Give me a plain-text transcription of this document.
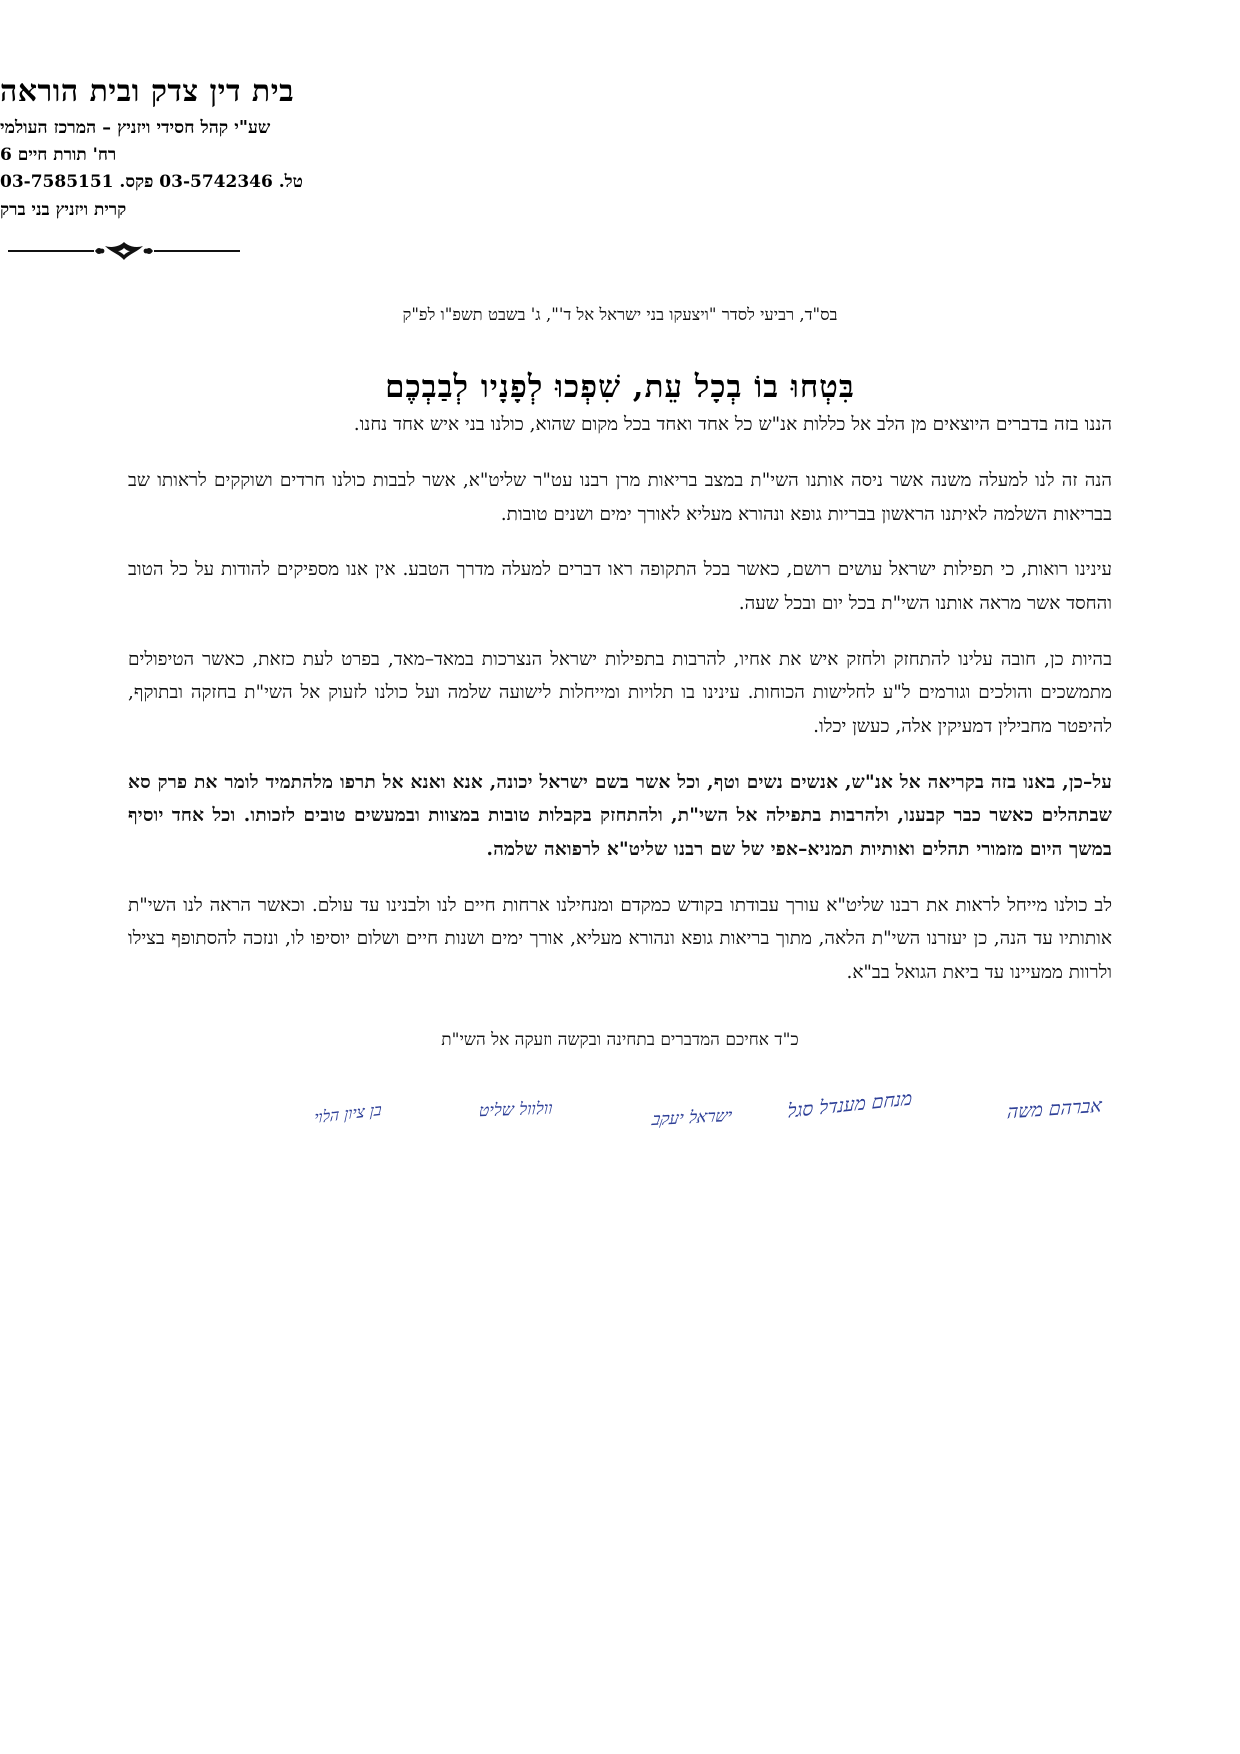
בית דין צדק ובית הוראה
שע"י קהל חסידי ויזניץ – המרכז העולמי
רח' תורת חיים 6
טל. 03-5742346 פקס. 03-7585151
קרית ויזניץ בני ברק
בס"ד, רביעי לסדר "ויצעקו בני ישראל אל ד'", ג' בשבט תשפ"ו לפ"ק
בִּטְחוּ בוֹ בְכָל עֵת, שִׁפְכוּ לְפָנָיו לְבַבְכֶם

הננו בזה בדברים היוצאים מן הלב אל כללות אנ"ש כל אחד ואחד בכל מקום שהוא, כולנו בני איש אחד נחנו.

הנה זה לנו למעלה משנה אשר ניסה אותנו השי"ת במצב בריאות מרן רבנו עט"ר שליט"א, אשר לבבות כולנו חרדים ושוקקים לראותו שב בבריאות השלמה לאיתנו הראשון בבריות גופא ונהורא מעליא לאורך ימים ושנים טובות.

עינינו רואות, כי תפילות ישראל עושים רושם, כאשר בכל התקופה ראו דברים למעלה מדרך הטבע. אין אנו מספיקים להודות על כל הטוב והחסד אשר מראה אותנו השי"ת בכל יום ובכל שעה.

בהיות כן, חובה עלינו להתחזק ולחזק איש את אחיו, להרבות בתפילות ישראל הנצרכות במאד–מאד, בפרט לעת כזאת, כאשר הטיפולים מתמשכים והולכים וגורמים ל"ע לחלישות הכוחות. עינינו בו תלויות ומייחלות לישועה שלמה ועל כולנו לזעוק אל השי"ת בחזקה ובתוקף, להיפטר מחבילין דמעיקין אלה, כעשן יכלו.

על–כן, באנו בזה בקריאה אל אנ"ש, אנשים נשים וטף, וכל אשר בשם ישראל יכונה, אנא ואנא אל תרפו מלהתמיד לומר את פרק סא שבתהלים כאשר כבר קבענו, ולהרבות בתפילה אל השי"ת, ולהתחזק בקבלות טובות במצוות ובמעשים טובים לזכותו. וכל אחד יוסיף במשך היום מזמורי תהלים ואותיות תמניא–אפי של שם רבנו שליט"א לרפואה שלמה.

לב כולנו מייחל לראות את רבנו שליט"א עורך עבודתו בקודש כמקדם ומנחילנו ארחות חיים לנו ולבנינו עד עולם. וכאשר הראה לנו השי"ת אותותיו עד הנה, כן יעזרנו השי"ת הלאה, מתוך בריאות גופא ונהורא מעליא, אורך ימים ושנות חיים ושלום יוסיפו לו, ונזכה להסתופף בצילו ולרוות ממעיינו עד ביאת הגואל בב"א.

כ"ד אחיכם המדברים בתחינה ובקשה וזעקה אל השי"ת
אברהם משה
מנחם מענדל סגל
ישראל יעקב
וולוול שליט
בן ציון הלוי
